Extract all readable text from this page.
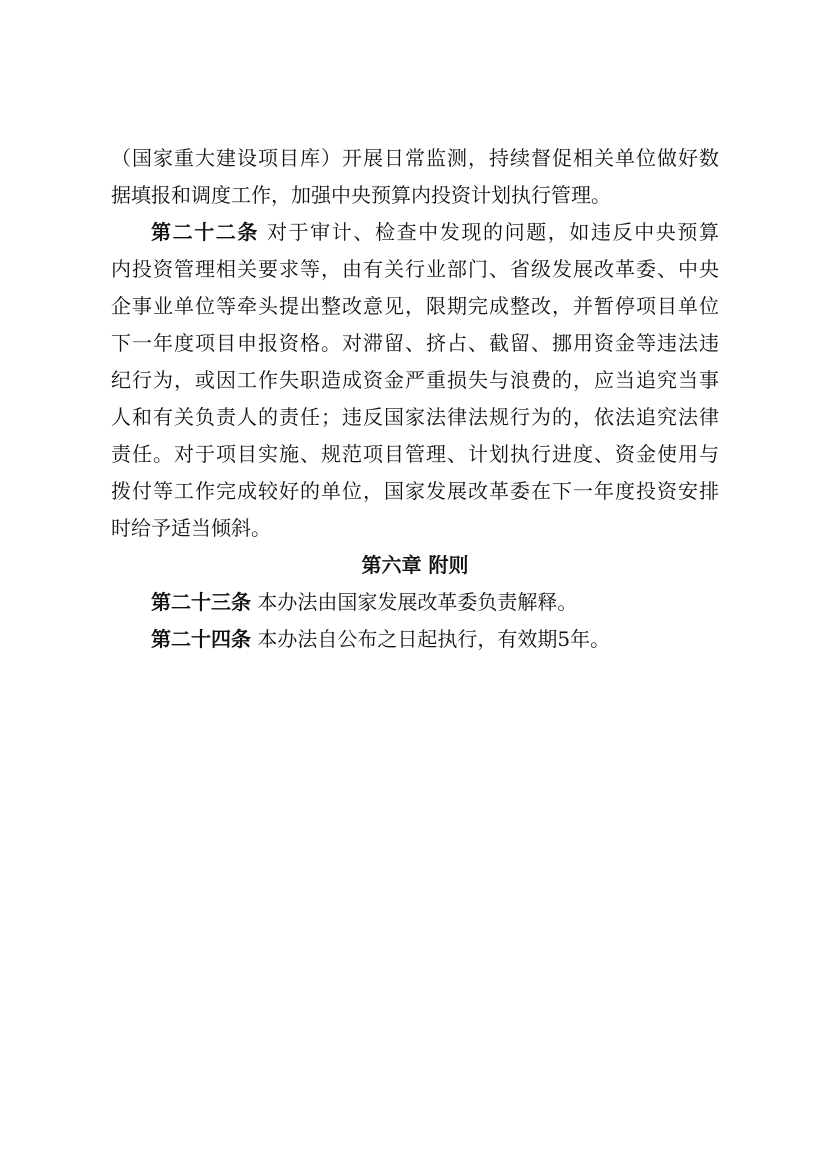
（国家重大建设项目库）开展日常监测，持续督促相关单位做好数
据填报和调度工作，加强中央预算内投资计划执行管理。
第二十二条 对于审计、检查中发现的问题，如违反中央预算
内投资管理相关要求等，由有关行业部门、省级发展改革委、中央
企事业单位等牵头提出整改意见，限期完成整改，并暂停项目单位
下一年度项目申报资格。对滞留、挤占、截留、挪用资金等违法违
纪行为，或因工作失职造成资金严重损失与浪费的，应当追究当事
人和有关负责人的责任；违反国家法律法规行为的，依法追究法律
责任。对于项目实施、规范项目管理、计划执行进度、资金使用与
拨付等工作完成较好的单位，国家发展改革委在下一年度投资安排
时给予适当倾斜。
第六章 附则
第二十三条 本办法由国家发展改革委负责解释。
第二十四条 本办法自公布之日起执行，有效期5年。
